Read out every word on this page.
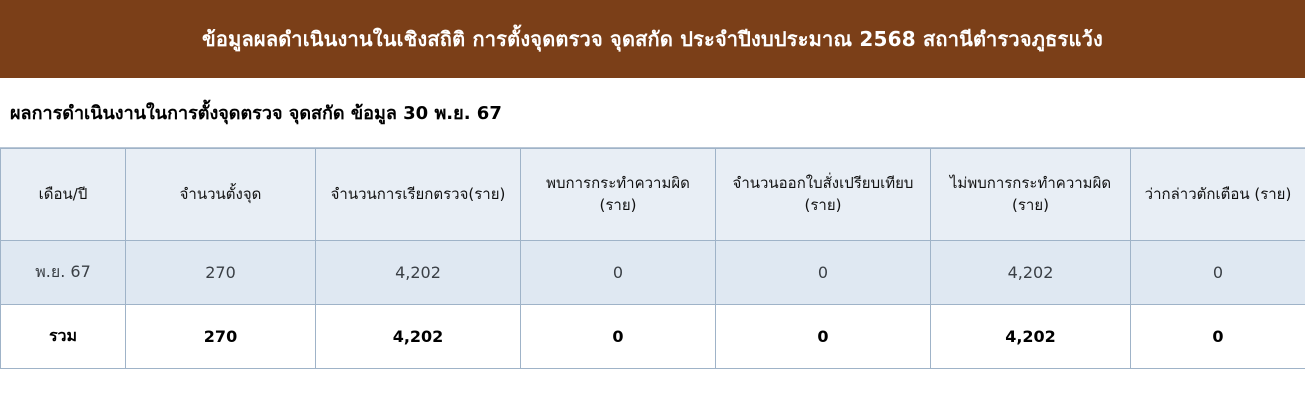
ข้อมูลผลดำเนินงานในเชิงสถิติ การตั้งจุดตรวจ จุดสกัด ประจำปีงบประมาณ 2568 สถานีตำรวจภูธรแว้ง
ผลการดำเนินงานในการตั้งจุดตรวจ จุดสกัด ข้อมูล 30 พ.ย. 67
เดือน/ปี	จำนวนตั้งจุด	จำนวนการเรียกตรวจ(ราย)	พบการกระทำความผิด (ราย)	จำนวนออกใบสั่งเปรียบเทียบ (ราย)	ไม่พบการกระทำความผิด (ราย)	ว่ากล่าวตักเตือน (ราย)
พ.ย. 67	270	4,202	0	0	4,202	0
รวม	270	4,202	0	0	4,202	0
